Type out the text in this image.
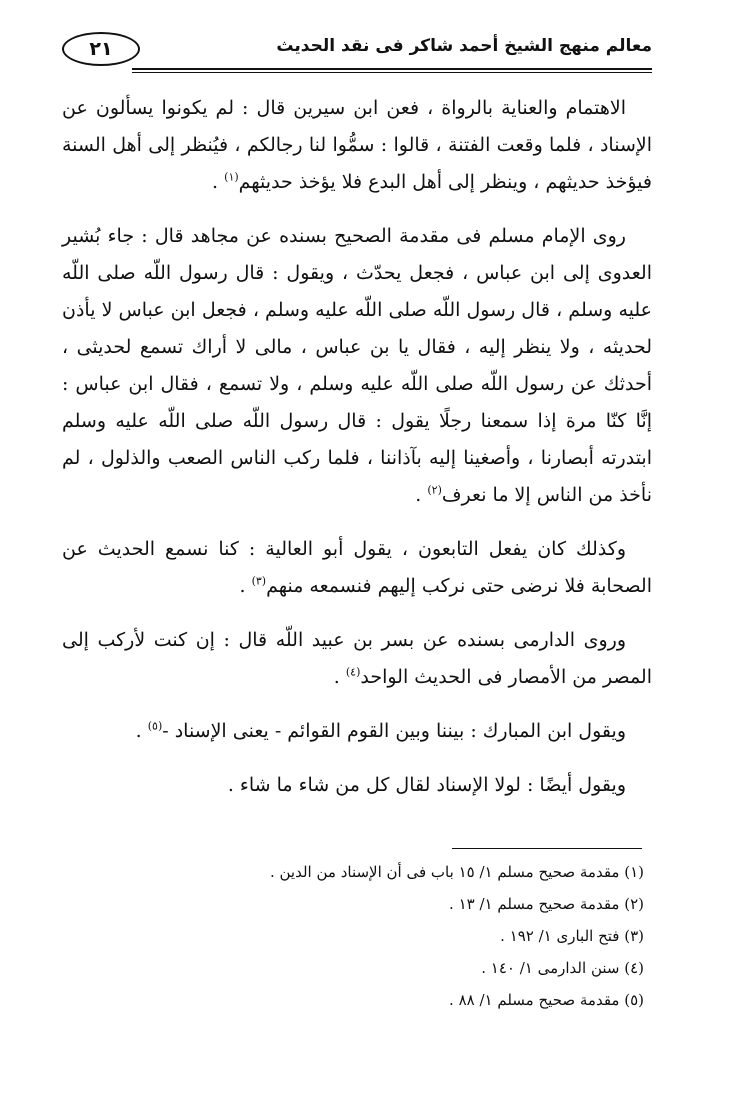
٢١	معالم منهج الشيخ أحمد شاكر فى نقد الحديث

الاهتمام والعناية بالرواة ، فعن ابن سيرين قال : لم يكونوا يسألون عن الإسناد ، فلما وقعت الفتنة ، قالوا : سمُّوا لنا رجالكم ، فيُنظر إلى أهل السنة فيؤخذ حديثهم ، وينظر إلى أهل البدع فلا يؤخذ حديثهم$^{(١)}$ .

روى الإمام مسلم فى مقدمة الصحيح بسنده عن مجاهد قال : جاء بُشير العدوى إلى ابن عباس ، فجعل يحدّث ، ويقول : قال رسول اللّه صلى اللّه عليه وسلم ، قال رسول اللّه صلى اللّه عليه وسلم ، فجعل ابن عباس لا يأذن لحديثه ، ولا ينظر إليه ، فقال يا بن عباس ، مالى لا أراك تسمع لحديثى ، أحدثك عن رسول اللّه صلى اللّه عليه وسلم ، ولا تسمع ، فقال ابن عباس : إنَّا كنّا مرة إذا سمعنا رجلًا يقول : قال رسول اللّه صلى اللّه عليه وسلم ابتدرته أبصارنا ، وأصغينا إليه بآذاننا ، فلما ركب الناس الصعب والذلول ، لم نأخذ من الناس إلا ما نعرف$^{(٢)}$ .

وكذلك كان يفعل التابعون ، يقول أبو العالية : كنا نسمع الحديث عن الصحابة فلا نرضى حتى نركب إليهم فنسمعه منهم$^{(٣)}$ .

وروى الدارمى بسنده عن بسر بن عبيد اللّه قال : إن كنت لأركب إلى المصر من الأمصار فى الحديث الواحد$^{(٤)}$ .

ويقول ابن المبارك : بيننا وبين القوم القوائم - يعنى الإسناد -$^{(٥)}$ .

ويقول أيضًا : لولا الإسناد لقال كل من شاء ما شاء .

(١) مقدمة صحيح مسلم ١/ ١٥ باب فى أن الإسناد من الدين .
(٢) مقدمة صحيح مسلم ١/ ١٣ .
(٣) فتح البارى ١/ ١٩٢ .
(٤) سنن الدارمى ١/ ١٤٠ .
(٥) مقدمة صحيح مسلم ١/ ٨٨ .
